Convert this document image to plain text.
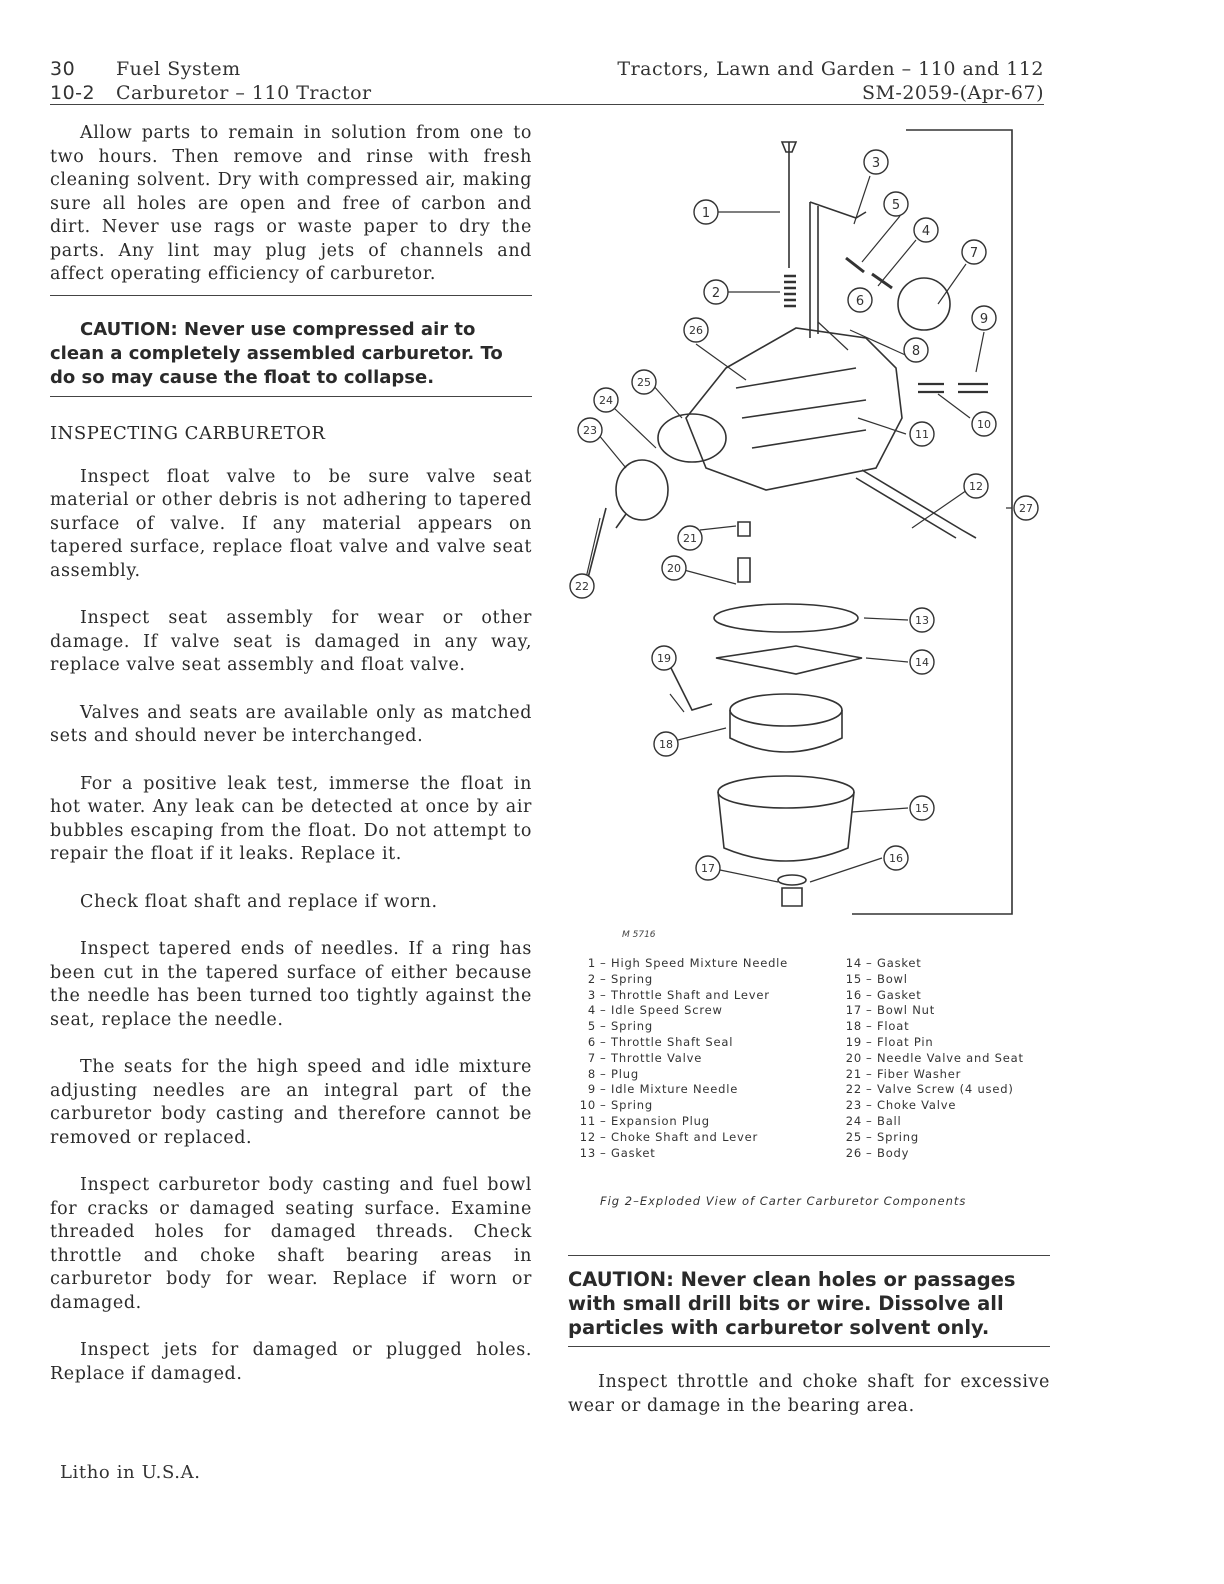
30 Fuel System
10-2 Carburetor – 110 Tractor
Tractors, Lawn and Garden – 110 and 112
SM-2059-(Apr-67)

Allow parts to remain in solution from one to two hours. Then remove and rinse with fresh cleaning solvent. Dry with compressed air, making sure all holes are open and free of carbon and dirt. Never use rags or waste paper to dry the parts. Any lint may plug jets of channels and affect operating efficiency of carburetor.

CAUTION: Never use compressed air to clean a completely assembled carburetor. To do so may cause the float to collapse.

INSPECTING CARBURETOR

Inspect float valve to be sure valve seat material or other debris is not adhering to tapered surface of valve. If any material appears on tapered surface, replace float valve and valve seat assembly.

Inspect seat assembly for wear or other damage. If valve seat is damaged in any way, replace valve seat assembly and float valve.

Valves and seats are available only as matched sets and should never be interchanged.

For a positive leak test, immerse the float in hot water. Any leak can be detected at once by air bubbles escaping from the float. Do not attempt to repair the float if it leaks. Replace it.

Check float shaft and replace if worn.

Inspect tapered ends of needles. If a ring has been cut in the tapered surface of either because the needle has been turned too tightly against the seat, replace the needle.

The seats for the high speed and idle mixture adjusting needles are an integral part of the carburetor body casting and therefore cannot be removed or replaced.

Inspect carburetor body casting and fuel bowl for cracks or damaged seating surface. Examine threaded holes for damaged threads. Check throttle and choke shaft bearing areas in carburetor body for wear. Replace if worn or damaged.

Inspect jets for damaged or plugged holes. Replace if damaged.

1
2
3
4
5
6
7
8
9
10
11
12
13
14
15
16
17
18
19
20
21
22
23
24
25
26
27
M 5716
1 – High Speed Mixture Needle
2 – Spring
3 – Throttle Shaft and Lever
4 – Idle Speed Screw
5 – Spring
6 – Throttle Shaft Seal
7 – Throttle Valve
8 – Plug
9 – Idle Mixture Needle
10 – Spring
11 – Expansion Plug
12 – Choke Shaft and Lever
13 – Gasket
14 – Gasket
15 – Bowl
16 – Gasket
17 – Bowl Nut
18 – Float
19 – Float Pin
20 – Needle Valve and Seat
21 – Fiber Washer
22 – Valve Screw (4 used)
23 – Choke Valve
24 – Ball
25 – Spring
26 – Body
Fig 2–Exploded View of Carter Carburetor Components

CAUTION: Never clean holes or passages with small drill bits or wire. Dissolve all particles with carburetor solvent only.

Inspect throttle and choke shaft for excessive wear or damage in the bearing area.

Litho in U.S.A.
